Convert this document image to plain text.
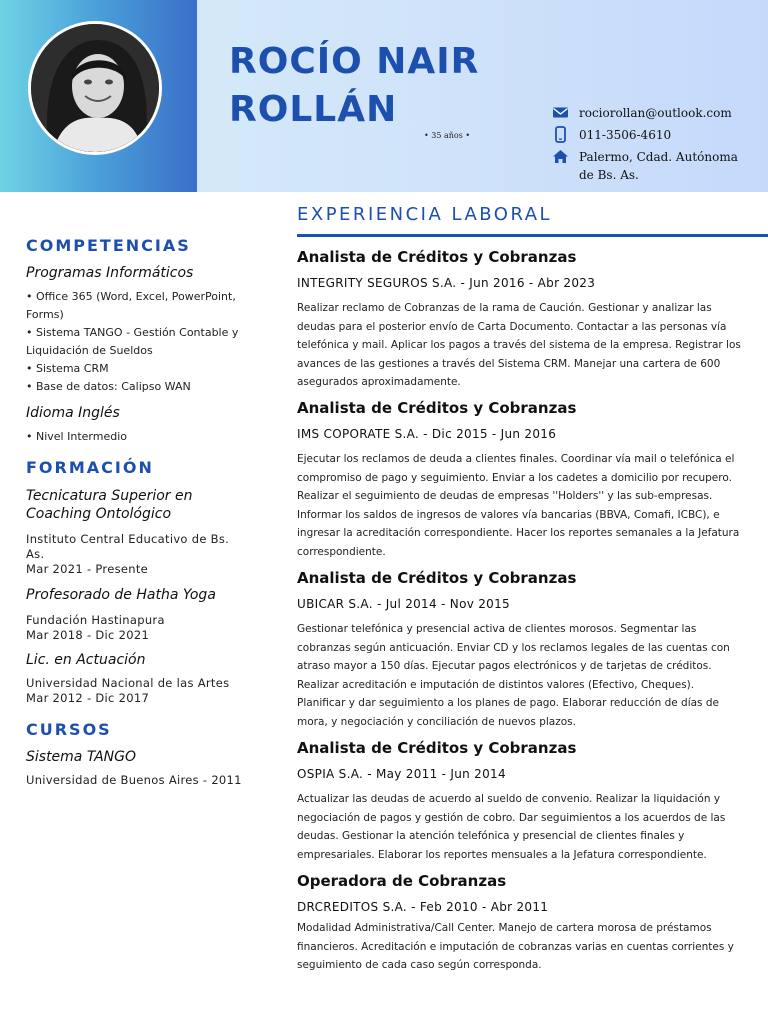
ROCÍO NAIR
ROLLÁN
• 35 años •
rociorollan@outlook.com
011-3506-4610
Palermo, Cdad. Autónoma
de Bs. As.
COMPETENCIAS

Programas Informáticos

• Office 365 (Word, Excel, PowerPoint, Forms)

• Sistema TANGO - Gestión Contable y Liquidación de Sueldos

• Sistema CRM

• Base de datos: Calipso WAN

Idioma Inglés

• Nivel Intermedio

FORMACIÓN

Tecnicatura Superior en Coaching Ontológico

Instituto Central Educativo de Bs. As.

Mar 2021 - Presente

Profesorado de Hatha Yoga

Fundación Hastinapura

Mar 2018 - Dic 2021

Lic. en Actuación

Universidad Nacional de las Artes

Mar 2012 - Dic 2017

CURSOS

Sistema TANGO

Universidad de Buenos Aires - 2011

EXPERIENCIA LABORAL

Analista de Créditos y Cobranzas

INTEGRITY SEGUROS S.A. - Jun 2016 - Abr 2023

Realizar reclamo de Cobranzas de la rama de Caución. Gestionar y analizar las deudas para el posterior envío de Carta Documento. Contactar a las personas vía telefónica y mail. Aplicar los pagos a través del sistema de la empresa. Registrar los avances de las gestiones a través del Sistema CRM. Manejar una cartera de 600 asegurados aproximadamente.

Analista de Créditos y Cobranzas

IMS COPORATE S.A. - Dic 2015 - Jun 2016

Ejecutar los reclamos de deuda a clientes finales. Coordinar vía mail o telefónica el compromiso de pago y seguimiento. Enviar a los cadetes a domicilio por recupero. Realizar el seguimiento de deudas de empresas ''Holders'' y las sub-empresas. Informar los saldos de ingresos de valores vía bancarias (BBVA, Comafi, ICBC), e ingresar la acreditación correspondiente. Hacer los reportes semanales a la Jefatura correspondiente.

Analista de Créditos y Cobranzas

UBICAR S.A. - Jul 2014 - Nov 2015

Gestionar telefónica y presencial activa de clientes morosos. Segmentar las cobranzas según anticuación. Enviar CD y los reclamos legales de las cuentas con atraso mayor a 150 días. Ejecutar pagos electrónicos y de tarjetas de créditos. Realizar acreditación e imputación de distintos valores (Efectivo, Cheques). Planificar y dar seguimiento a los planes de pago. Elaborar reducción de días de mora, y negociación y conciliación de nuevos plazos.

Analista de Créditos y Cobranzas

OSPIA S.A. - May 2011 - Jun 2014

Actualizar las deudas de acuerdo al sueldo de convenio. Realizar la liquidación y negociación de pagos y gestión de cobro. Dar seguimientos a los acuerdos de las deudas. Gestionar la atención telefónica y presencial de clientes finales y empresariales. Elaborar los reportes mensuales a la Jefatura correspondiente.

Operadora de Cobranzas

DRCREDITOS S.A. - Feb 2010 - Abr 2011

Modalidad Administrativa/Call Center. Manejo de cartera morosa de préstamos financieros. Acreditación e imputación de cobranzas varias en cuentas corrientes y seguimiento de cada caso según corresponda.
